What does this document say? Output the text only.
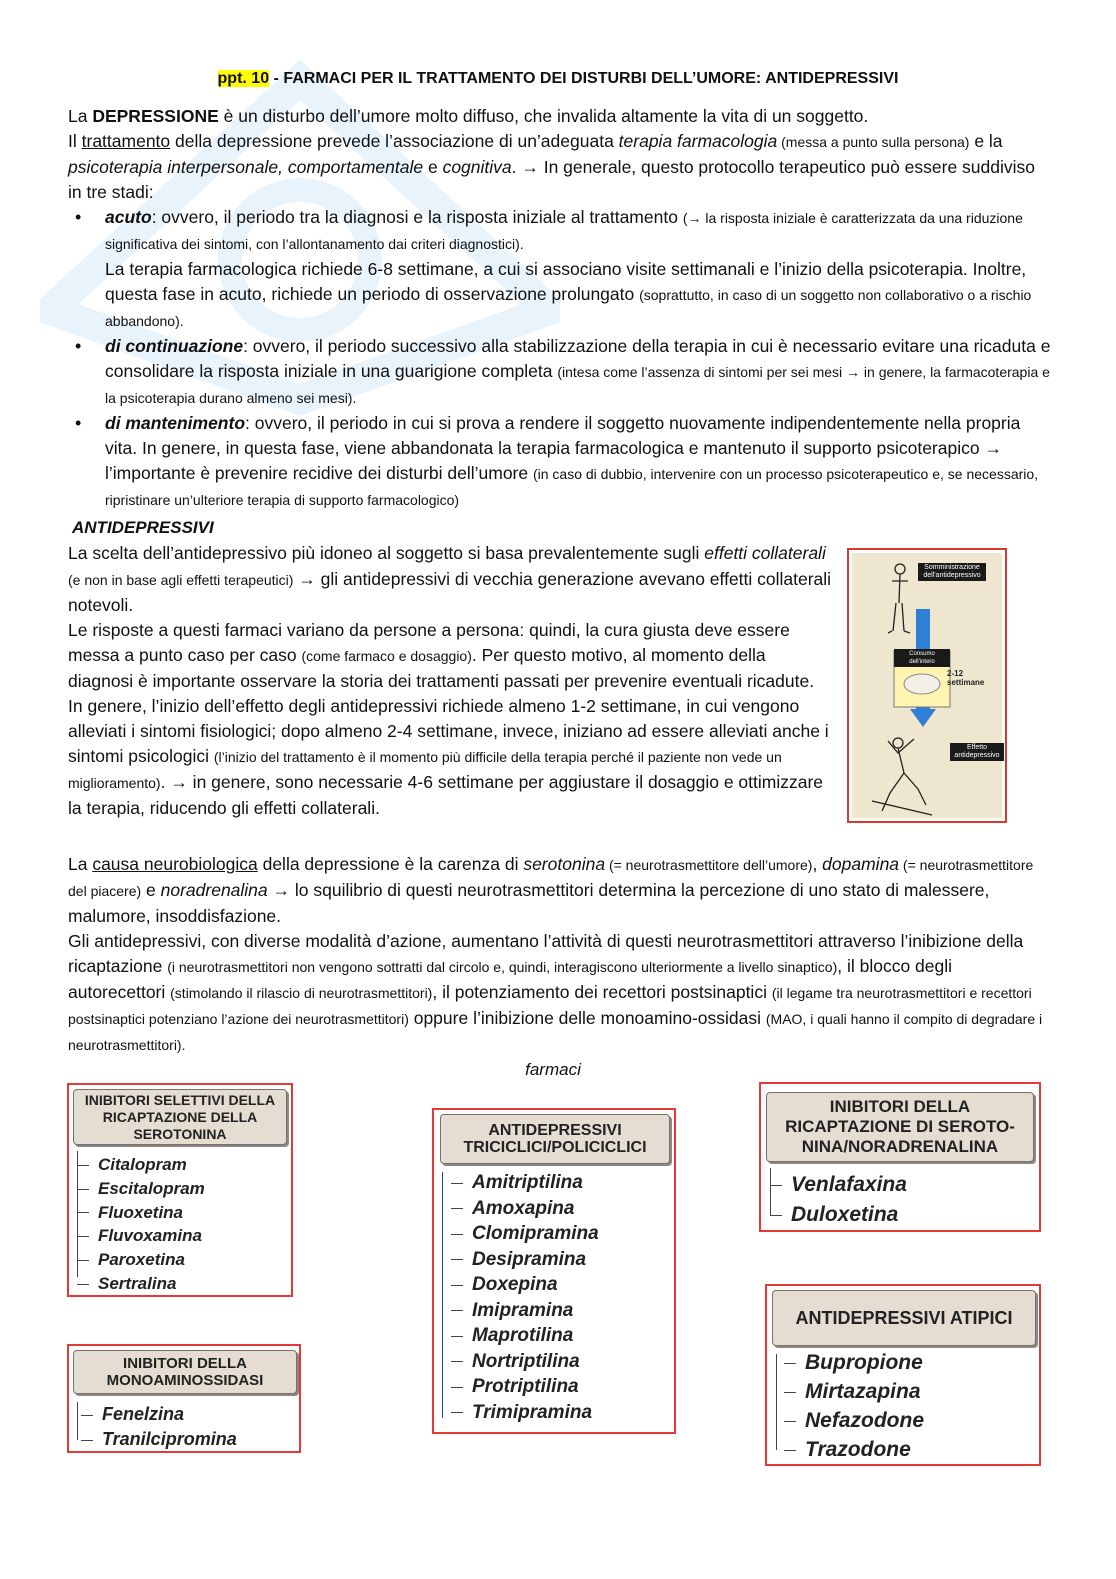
ppt. 10 - FARMACI PER IL TRATTAMENTO DEI DISTURBI DELL’UMORE: ANTIDEPRESSIVI
La DEPRESSIONE è un disturbo dell’umore molto diffuso, che invalida altamente la vita di un soggetto.
Il trattamento della depressione prevede l’associazione di un’adeguata terapia farmacologia (messa a punto sulla persona) e la psicoterapia interpersonale, comportamentale e cognitiva. → In generale, questo protocollo terapeutico può essere suddiviso in tre stadi:
• acuto: ovvero, il periodo tra la diagnosi e la risposta iniziale al trattamento (→ la risposta iniziale è caratterizzata da una riduzione significativa dei sintomi, con l’allontanamento dai criteri diagnostici).
La terapia farmacologica richiede 6-8 settimane, a cui si associano visite settimanali e l’inizio della psicoterapia. Inoltre, questa fase in acuto, richiede un periodo di osservazione prolungato (soprattutto, in caso di un soggetto non collaborativo o a rischio abbandono).
• di continuazione: ovvero, il periodo successivo alla stabilizzazione della terapia in cui è necessario evitare una ricaduta e consolidare la risposta iniziale in una guarigione completa (intesa come l’assenza di sintomi per sei mesi → in genere, la farmacoterapia e la psicoterapia durano almeno sei mesi).
• di mantenimento: ovvero, il periodo in cui si prova a rendere il soggetto nuovamente indipendentemente nella propria vita. In genere, in questa fase, viene abbandonata la terapia farmacologica e mantenuto il supporto psicoterapico → l’importante è prevenire recidive dei disturbi dell’umore (in caso di dubbio, intervenire con un processo psicoterapeutico e, se necessario, ripristinare un’ulteriore terapia di supporto farmacologico)
ANTIDEPRESSIVI
La scelta dell’antidepressivo più idoneo al soggetto si basa prevalentemente sugli effetti collaterali (e non in base agli effetti terapeutici) → gli antidepressivi di vecchia generazione avevano effetti collaterali notevoli.
Le risposte a questi farmaci variano da persone a persona: quindi, la cura giusta deve essere messa a punto caso per caso (come farmaco e dosaggio). Per questo motivo, al momento della diagnosi è importante osservare la storia dei trattamenti passati per prevenire eventuali ricadute.
In genere, l’inizio dell’effetto degli antidepressivi richiede almeno 1-2 settimane, in cui vengono alleviati i sintomi fisiologici; dopo almeno 2-4 settimane, invece, iniziano ad essere alleviati anche i sintomi psicologici (l’inizio del trattamento è il momento più difficile della terapia perché il paziente non vede un miglioramento). → in genere, sono necessarie 4-6 settimane per aggiustare il dosaggio e ottimizzare la terapia, riducendo gli effetti collaterali.
Somministrazione dell'antidepressivo
Consumo dell'intero
2-12 settimane
Effetto antidepressivo
La causa neurobiologica della depressione è la carenza di serotonina (= neurotrasmettitore dell’umore), dopamina (= neurotrasmettitore del piacere) e noradrenalina → lo squilibrio di questi neurotrasmettitori determina la percezione di uno stato di malessere, malumore, insoddisfazione.
Gli antidepressivi, con diverse modalità d’azione, aumentano l’attività di questi neurotrasmettitori attraverso l’inibizione della ricaptazione (i neurotrasmettitori non vengono sottratti dal circolo e, quindi, interagiscono ulteriormente a livello sinaptico), il blocco degli autorecettori (stimolando il rilascio di neurotrasmettitori), il potenziamento dei recettori postsinaptici (il legame tra neurotrasmettitori e recettori postsinaptici potenziano l’azione dei neurotrasmettitori) oppure l’inibizione delle monoamino-ossidasi (MAO, i quali hanno il compito di degradare i neurotrasmettitori).
farmaci
INIBITORI SELETTIVI DELLA RICAPTAZIONE DELLA SEROTONINA
Citalopram
Escitalopram
Fluoxetina
Fluvoxamina
Paroxetina
Sertralina
ANTIDEPRESSIVI TRICICLICI/POLICICLICI
Amitriptilina
Amoxapina
Clomipramina
Desipramina
Doxepina
Imipramina
Maprotilina
Nortriptilina
Protriptilina
Trimipramina
INIBITORI DELLA RICAPTAZIONE DI SEROTO-NINA/NORADRENALINA
Venlafaxina
Duloxetina
INIBITORI DELLA MONOAMINOSSIDASI
Fenelzina
Tranilcipromina
ANTIDEPRESSIVI ATIPICI
Bupropione
Mirtazapina
Nefazodone
Trazodone
